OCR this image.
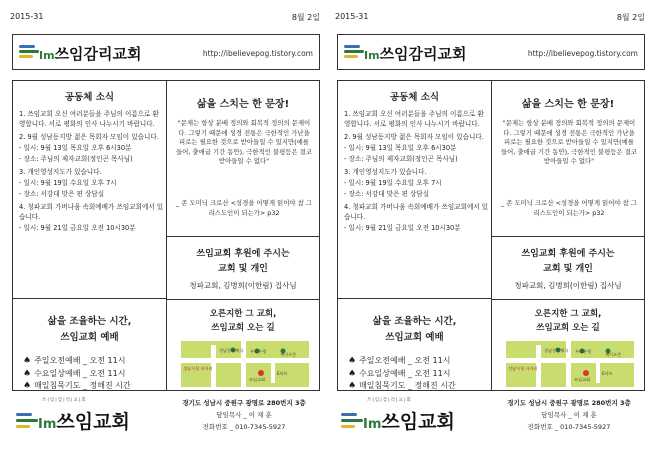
2015-31	8월 2일
Im쓰임감리교회	http://ibelievepog.tistory.com
공동체 소식

1. 쓰임교회 오신 여러분들을 주님의 이름으로 환영합니다. 서로 평화의 인사 나누시기 바랍니다.

2. 9월 성남동지방 젊은 목회자 모임이 있습니다.

- 일시: 9월 13일 목요일 오후 6시30분

- 장소: 주님의 제자교회(정인곤 목사님)

3. 개인영성지도가 있습니다.

- 일시: 9월 19일 수요일 오후 7시

- 장소: 서강대 맞은 편 상담실

4. 청파교회 가버나움 속회예배가 쓰임교회에서 있습니다.

- 일시: 9월 21일 금요일 오전 10시30분

삶을 스치는 한 문장!
"문제는 항상 분배 정의와 회복적 정의의 문제이다. 그렇기 때문에 성경 전통은 극한적인 가난을 피로는 필요한 것으로 받아들일 수 있지만(예를 들어, 출애굽 기간 동안), 극한적인 불평등은 결코 받아들일 수 없다"
_ 존 도미닉 크로산 <성경을 어떻게 읽어야 참 그리스도인이 되는가> p32
쓰임교회 후원에 주시는
교회 및 개인
청파교회, 김병희(이한림) 집사님
삶을 조율하는 시간,
쓰임교회 예배
♠ 주일오전예배 _ 오전 11시
♠ 수요일상예배 _ 오전 11시
♠ 매일침묵기도 _ 정해진 시간
오른지한 그 교회,
쓰임교회 오는 길
성남동우체국 우리은행
세이프존
성남시청 사거리
쓰임교회
E마트
쓰|임|감|리|교|회
Im쓰임교회
경기도 성남시 중원구 광명로 280번지 3층
담임목사 _ 이 재 훈
전화번호 _ 010-7345-5927
2015-31	8월 2일
Im쓰임감리교회	http://ibelievepog.tistory.com
공동체 소식

1. 쓰임교회 오신 여러분들을 주님의 이름으로 환영합니다. 서로 평화의 인사 나누시기 바랍니다.

2. 9월 성남동지방 젊은 목회자 모임이 있습니다.

- 일시: 9월 13일 목요일 오후 6시30분

- 장소: 주님의 제자교회(정인곤 목사님)

3. 개인영성지도가 있습니다.

- 일시: 9월 19일 수요일 오후 7시

- 장소: 서강대 맞은 편 상담실

4. 청파교회 가버나움 속회예배가 쓰임교회에서 있습니다.

- 일시: 9월 21일 금요일 오전 10시30분

삶을 스치는 한 문장!
"문제는 항상 분배 정의와 회복적 정의의 문제이다. 그렇기 때문에 성경 전통은 극한적인 가난을 피로는 필요한 것으로 받아들일 수 있지만(예를 들어, 출애굽 기간 동안), 극한적인 불평등은 결코 받아들일 수 없다"
_ 존 도미닉 크로산 <성경을 어떻게 읽어야 참 그리스도인이 되는가> p32
쓰임교회 후원에 주시는
교회 및 개인
청파교회, 김병희(이한림) 집사님
삶을 조율하는 시간,
쓰임교회 예배
♠ 주일오전예배 _ 오전 11시
♠ 수요일상예배 _ 오전 11시
♠ 매일침묵기도 _ 정해진 시간
오른지한 그 교회,
쓰임교회 오는 길
성남동우체국 우리은행
세이프존
성남시청 사거리
쓰임교회
E마트
쓰|임|감|리|교|회
Im쓰임교회
경기도 성남시 중원구 광명로 280번지 3층
담임목사 _ 이 재 훈
전화번호 _ 010-7345-5927
